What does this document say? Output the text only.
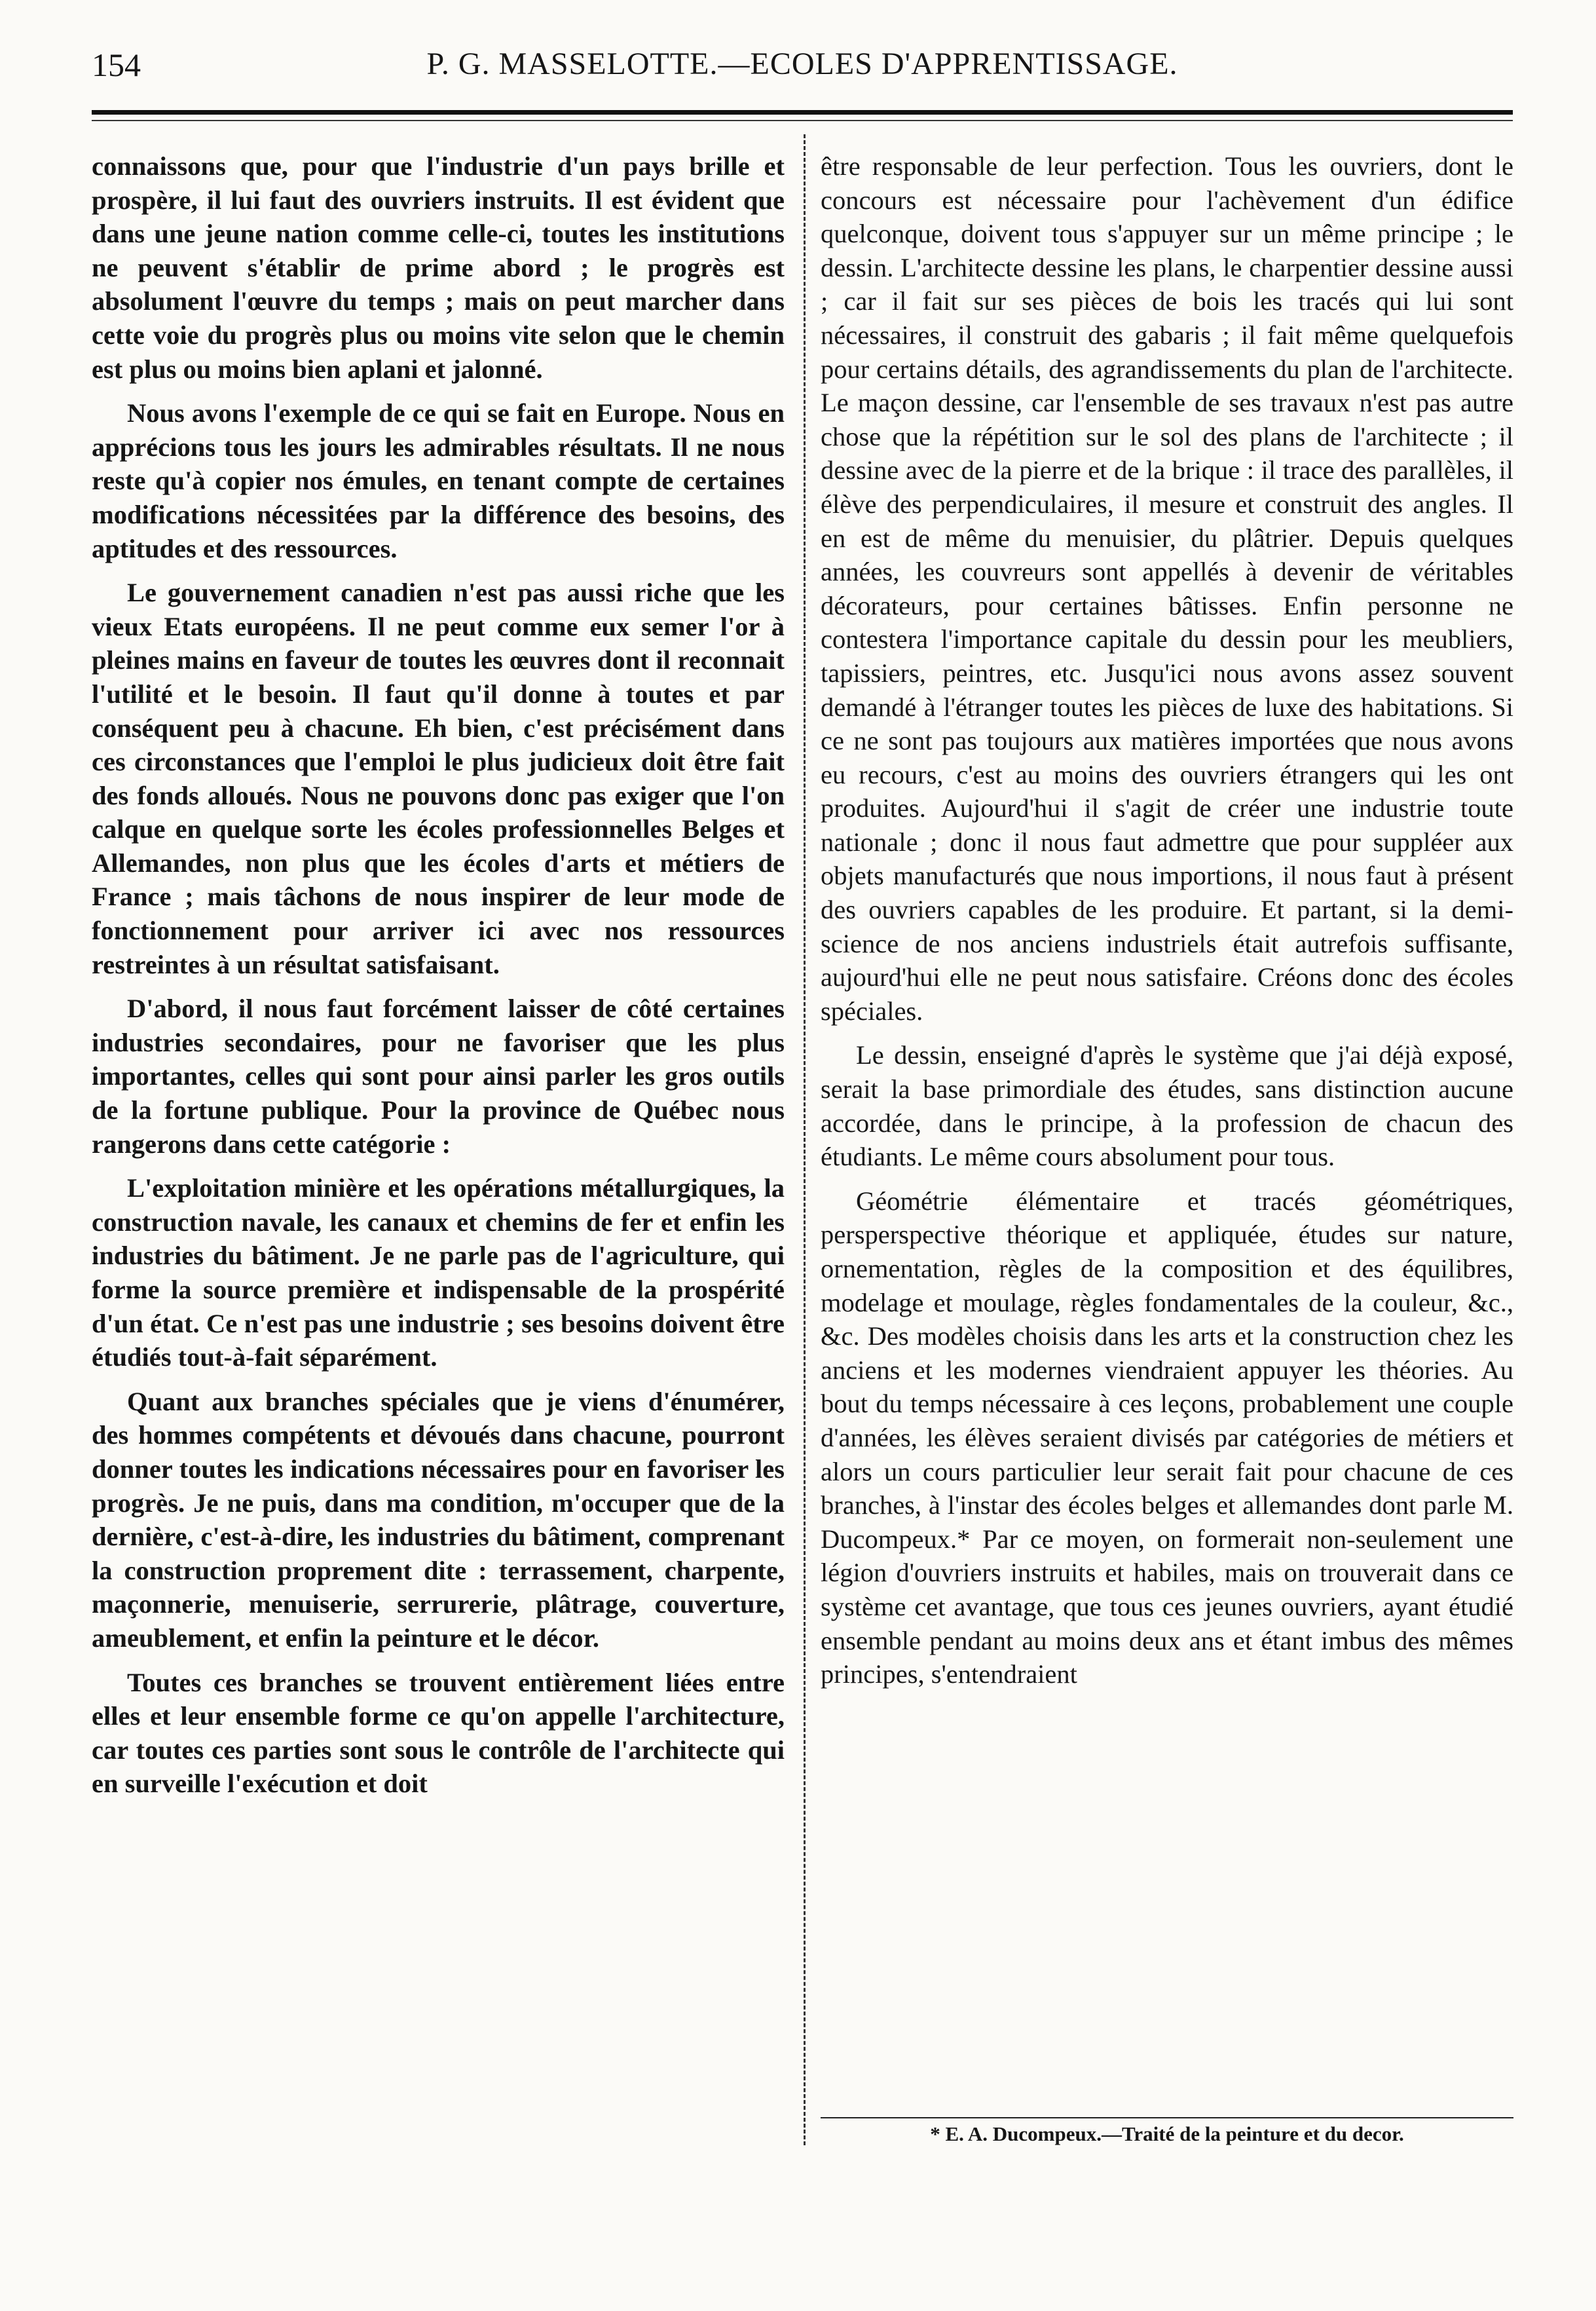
154	P. G. MASSELOTTE.—ECOLES D'APPRENTISSAGE.

connaissons que, pour que l'industrie d'un pays brille et prospère, il lui faut des ouvriers instruits. Il est évident que dans une jeune nation comme celle-ci, toutes les institutions ne peuvent s'établir de prime abord ; le progrès est absolument l'œuvre du temps ; mais on peut marcher dans cette voie du progrès plus ou moins vite selon que le chemin est plus ou moins bien aplani et jalonné.

Nous avons l'exemple de ce qui se fait en Europe. Nous en apprécions tous les jours les admirables résultats. Il ne nous reste qu'à copier nos émules, en tenant compte de certaines modifications nécessitées par la différence des besoins, des aptitudes et des ressources.

Le gouvernement canadien n'est pas aussi riche que les vieux Etats européens. Il ne peut comme eux semer l'or à pleines mains en faveur de toutes les œuvres dont il reconnait l'utilité et le besoin. Il faut qu'il donne à toutes et par conséquent peu à chacune. Eh bien, c'est précisément dans ces circonstances que l'emploi le plus judicieux doit être fait des fonds alloués. Nous ne pouvons donc pas exiger que l'on calque en quelque sorte les écoles professionnelles Belges et Allemandes, non plus que les écoles d'arts et métiers de France ; mais tâchons de nous inspirer de leur mode de fonctionnement pour arriver ici avec nos ressources restreintes à un résultat satisfaisant.

D'abord, il nous faut forcément laisser de côté certaines industries secondaires, pour ne favoriser que les plus importantes, celles qui sont pour ainsi parler les gros outils de la fortune publique. Pour la province de Québec nous rangerons dans cette catégorie :

L'exploitation minière et les opérations métallurgiques, la construction navale, les canaux et chemins de fer et enfin les industries du bâtiment. Je ne parle pas de l'agriculture, qui forme la source première et indispensable de la prospérité d'un état. Ce n'est pas une industrie ; ses besoins doivent être étudiés tout-à-fait séparément.

Quant aux branches spéciales que je viens d'énumérer, des hommes compétents et dévoués dans chacune, pourront donner toutes les indications nécessaires pour en favoriser les progrès. Je ne puis, dans ma condition, m'occuper que de la dernière, c'est-à-dire, les industries du bâtiment, comprenant la construction proprement dite : terrassement, charpente, maçonnerie, menuiserie, serrurerie, plâtrage, couverture, ameublement, et enfin la peinture et le décor.

Toutes ces branches se trouvent entièrement liées entre elles et leur ensemble forme ce qu'on appelle l'architecture, car toutes ces parties sont sous le contrôle de l'architecte qui en surveille l'exécution et doit

être responsable de leur perfection. Tous les ouvriers, dont le concours est nécessaire pour l'achèvement d'un édifice quelconque, doivent tous s'appuyer sur un même principe ; le dessin. L'architecte dessine les plans, le charpentier dessine aussi ; car il fait sur ses pièces de bois les tracés qui lui sont nécessaires, il construit des gabaris ; il fait même quelquefois pour certains détails, des agrandissements du plan de l'architecte. Le maçon dessine, car l'ensemble de ses travaux n'est pas autre chose que la répétition sur le sol des plans de l'architecte ; il dessine avec de la pierre et de la brique : il trace des parallèles, il élève des perpendiculaires, il mesure et construit des angles. Il en est de même du menuisier, du plâtrier. Depuis quelques années, les couvreurs sont appellés à devenir de véritables décorateurs, pour certaines bâtisses. Enfin personne ne contestera l'importance capitale du dessin pour les meubliers, tapissiers, peintres, etc. Jusqu'ici nous avons assez souvent demandé à l'étranger toutes les pièces de luxe des habitations. Si ce ne sont pas toujours aux matières importées que nous avons eu recours, c'est au moins des ouvriers étrangers qui les ont produites. Aujourd'hui il s'agit de créer une industrie toute nationale ; donc il nous faut admettre que pour suppléer aux objets manufacturés que nous importions, il nous faut à présent des ouvriers capables de les produire. Et partant, si la demi-science de nos anciens industriels était autrefois suffisante, aujourd'hui elle ne peut nous satisfaire. Créons donc des écoles spéciales.

Le dessin, enseigné d'après le système que j'ai déjà exposé, serait la base primordiale des études, sans distinction aucune accordée, dans le principe, à la profession de chacun des étudiants. Le même cours absolument pour tous.

Géométrie élémentaire et tracés géométriques, persperspective théorique et appliquée, études sur nature, ornementation, règles de la composition et des équilibres, modelage et moulage, règles fondamentales de la couleur, &c., &c. Des modèles choisis dans les arts et la construction chez les anciens et les modernes viendraient appuyer les théories. Au bout du temps nécessaire à ces leçons, probablement une couple d'années, les élèves seraient divisés par catégories de métiers et alors un cours particulier leur serait fait pour chacune de ces branches, à l'instar des écoles belges et allemandes dont parle M. Ducompeux.* Par ce moyen, on formerait non-seulement une légion d'ouvriers instruits et habiles, mais on trouverait dans ce système cet avantage, que tous ces jeunes ouvriers, ayant étudié ensemble pendant au moins deux ans et étant imbus des mêmes principes, s'entendraient

* E. A. Ducompeux.—Traité de la peinture et du decor.
